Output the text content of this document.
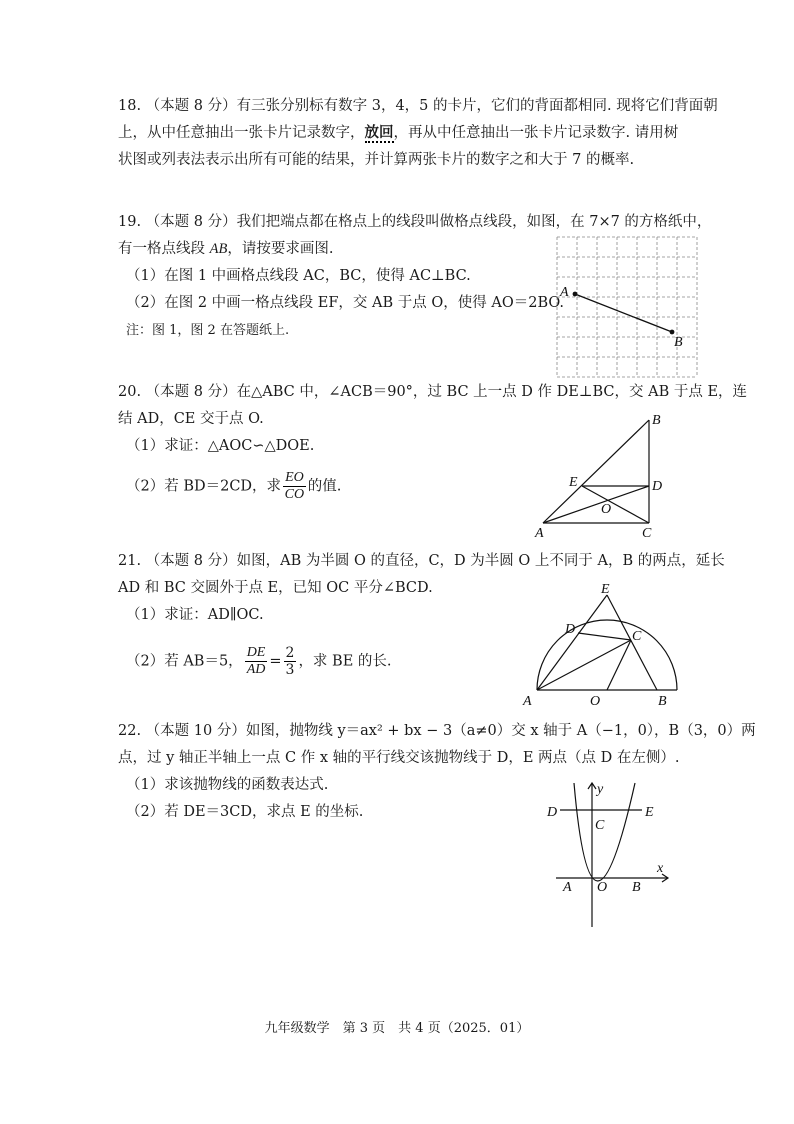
18. （本题 8 分）有三张分别标有数字 3，4，5 的卡片，它们的背面都相同. 现将它们背面朝
上，从中任意抽出一张卡片记录数字，放回，再从中任意抽出一张卡片记录数字. 请用树
状图或列表法表示出所有可能的结果，并计算两张卡片的数字之和大于 7 的概率.
19. （本题 8 分）我们把端点都在格点上的线段叫做格点线段，如图，在 7×7 的方格纸中，
有一格点线段 AB，请按要求画图.
（1）在图 1 中画格点线段 AC，BC，使得 AC⊥BC.
（2）在图 2 中画一格点线段 EF，交 AB 于点 O，使得 AO＝2BO.
注：图 1，图 2 在答题纸上.
A
B
20. （本题 8 分）在△ABC 中，∠ACB＝90°，过 BC 上一点 D 作 DE⊥BC，交 AB 于点 E，连
结 AD，CE 交于点 O.
（1）求证：△AOC∽△DOE.
（2）若 BD＝2CD，求 $\frac{EO}{CO}$ 的值.
B
E	D
O
A	C
21. （本题 8 分）如图，AB 为半圆 O 的直径，C，D 为半圆 O 上不同于 A，B 的两点，延长
AD 和 BC 交圆外于点 E，已知 OC 平分∠BCD.
（1）求证：AD∥OC.
（2）若 AB＝5， $\frac{DE}{AD} = \frac{2}{3}$ ，求 BE 的长.
E
D	C
A	O	B
22. （本题 10 分）如图，抛物线 y＝ax² + bx − 3（a≠0）交 x 轴于 A（−1，0），B（3，0）两
点，过 y 轴正半轴上一点 C 作 x 轴的平行线交该抛物线于 D，E 两点（点 D 在左侧）.
（1）求该抛物线的函数表达式.
（2）若 DE＝3CD，求点 E 的坐标.
y
x
D	E
C
A O B
九年级数学　第 3 页　共 4 页（2025．01）
